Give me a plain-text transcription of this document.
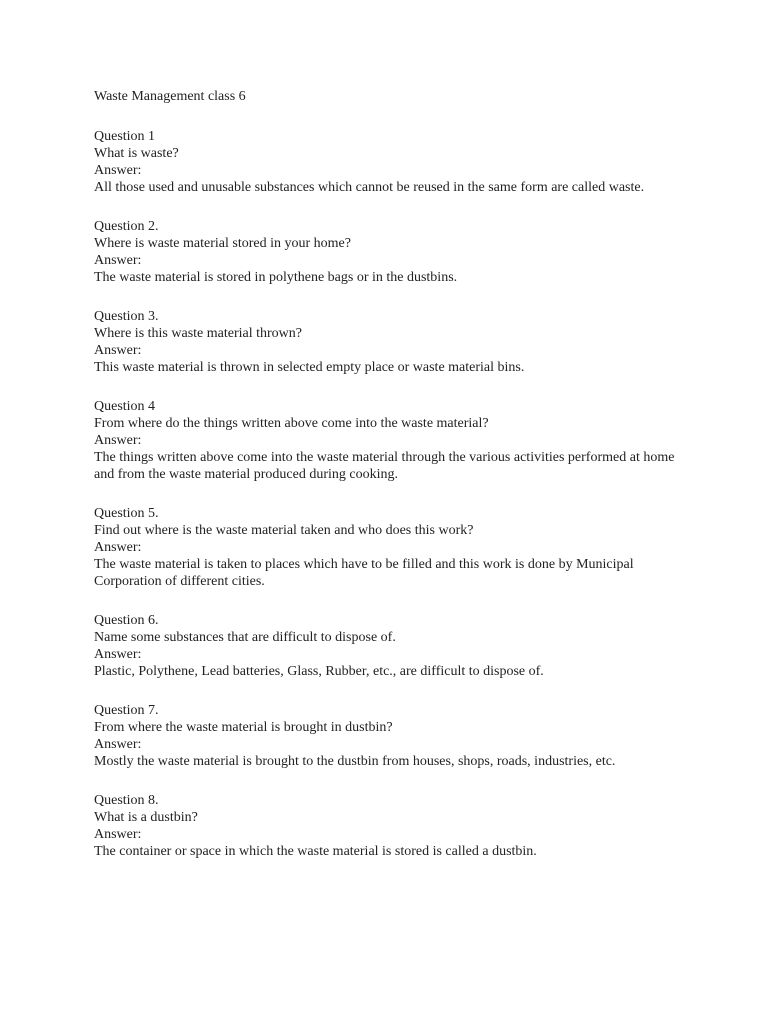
Waste Management class 6

Question 1
What is waste?
Answer:
All those used and unusable substances which cannot be reused in the same form are called waste.
Question 2.
Where is waste material stored in your home?
Answer:
The waste material is stored in polythene bags or in the dustbins.
Question 3.
Where is this waste material thrown?
Answer:
This waste material is thrown in selected empty place or waste material bins.
Question 4
From where do the things written above come into the waste material?
Answer:
The things written above come into the waste material through the various activities performed at home and from the waste material produced during cooking.
Question 5.
Find out where is the waste material taken and who does this work?
Answer:
The waste material is taken to places which have to be filled and this work is done by Municipal Corporation of different cities.
Question 6.
Name some substances that are difficult to dispose of.
Answer:
Plastic, Polythene, Lead batteries, Glass, Rubber, etc., are difficult to dispose of.
Question 7.
From where the waste material is brought in dustbin?
Answer:
Mostly the waste material is brought to the dustbin from houses, shops, roads, industries, etc.
Question 8.
What is a dustbin?
Answer:
The container or space in which the waste material is stored is called a dustbin.
